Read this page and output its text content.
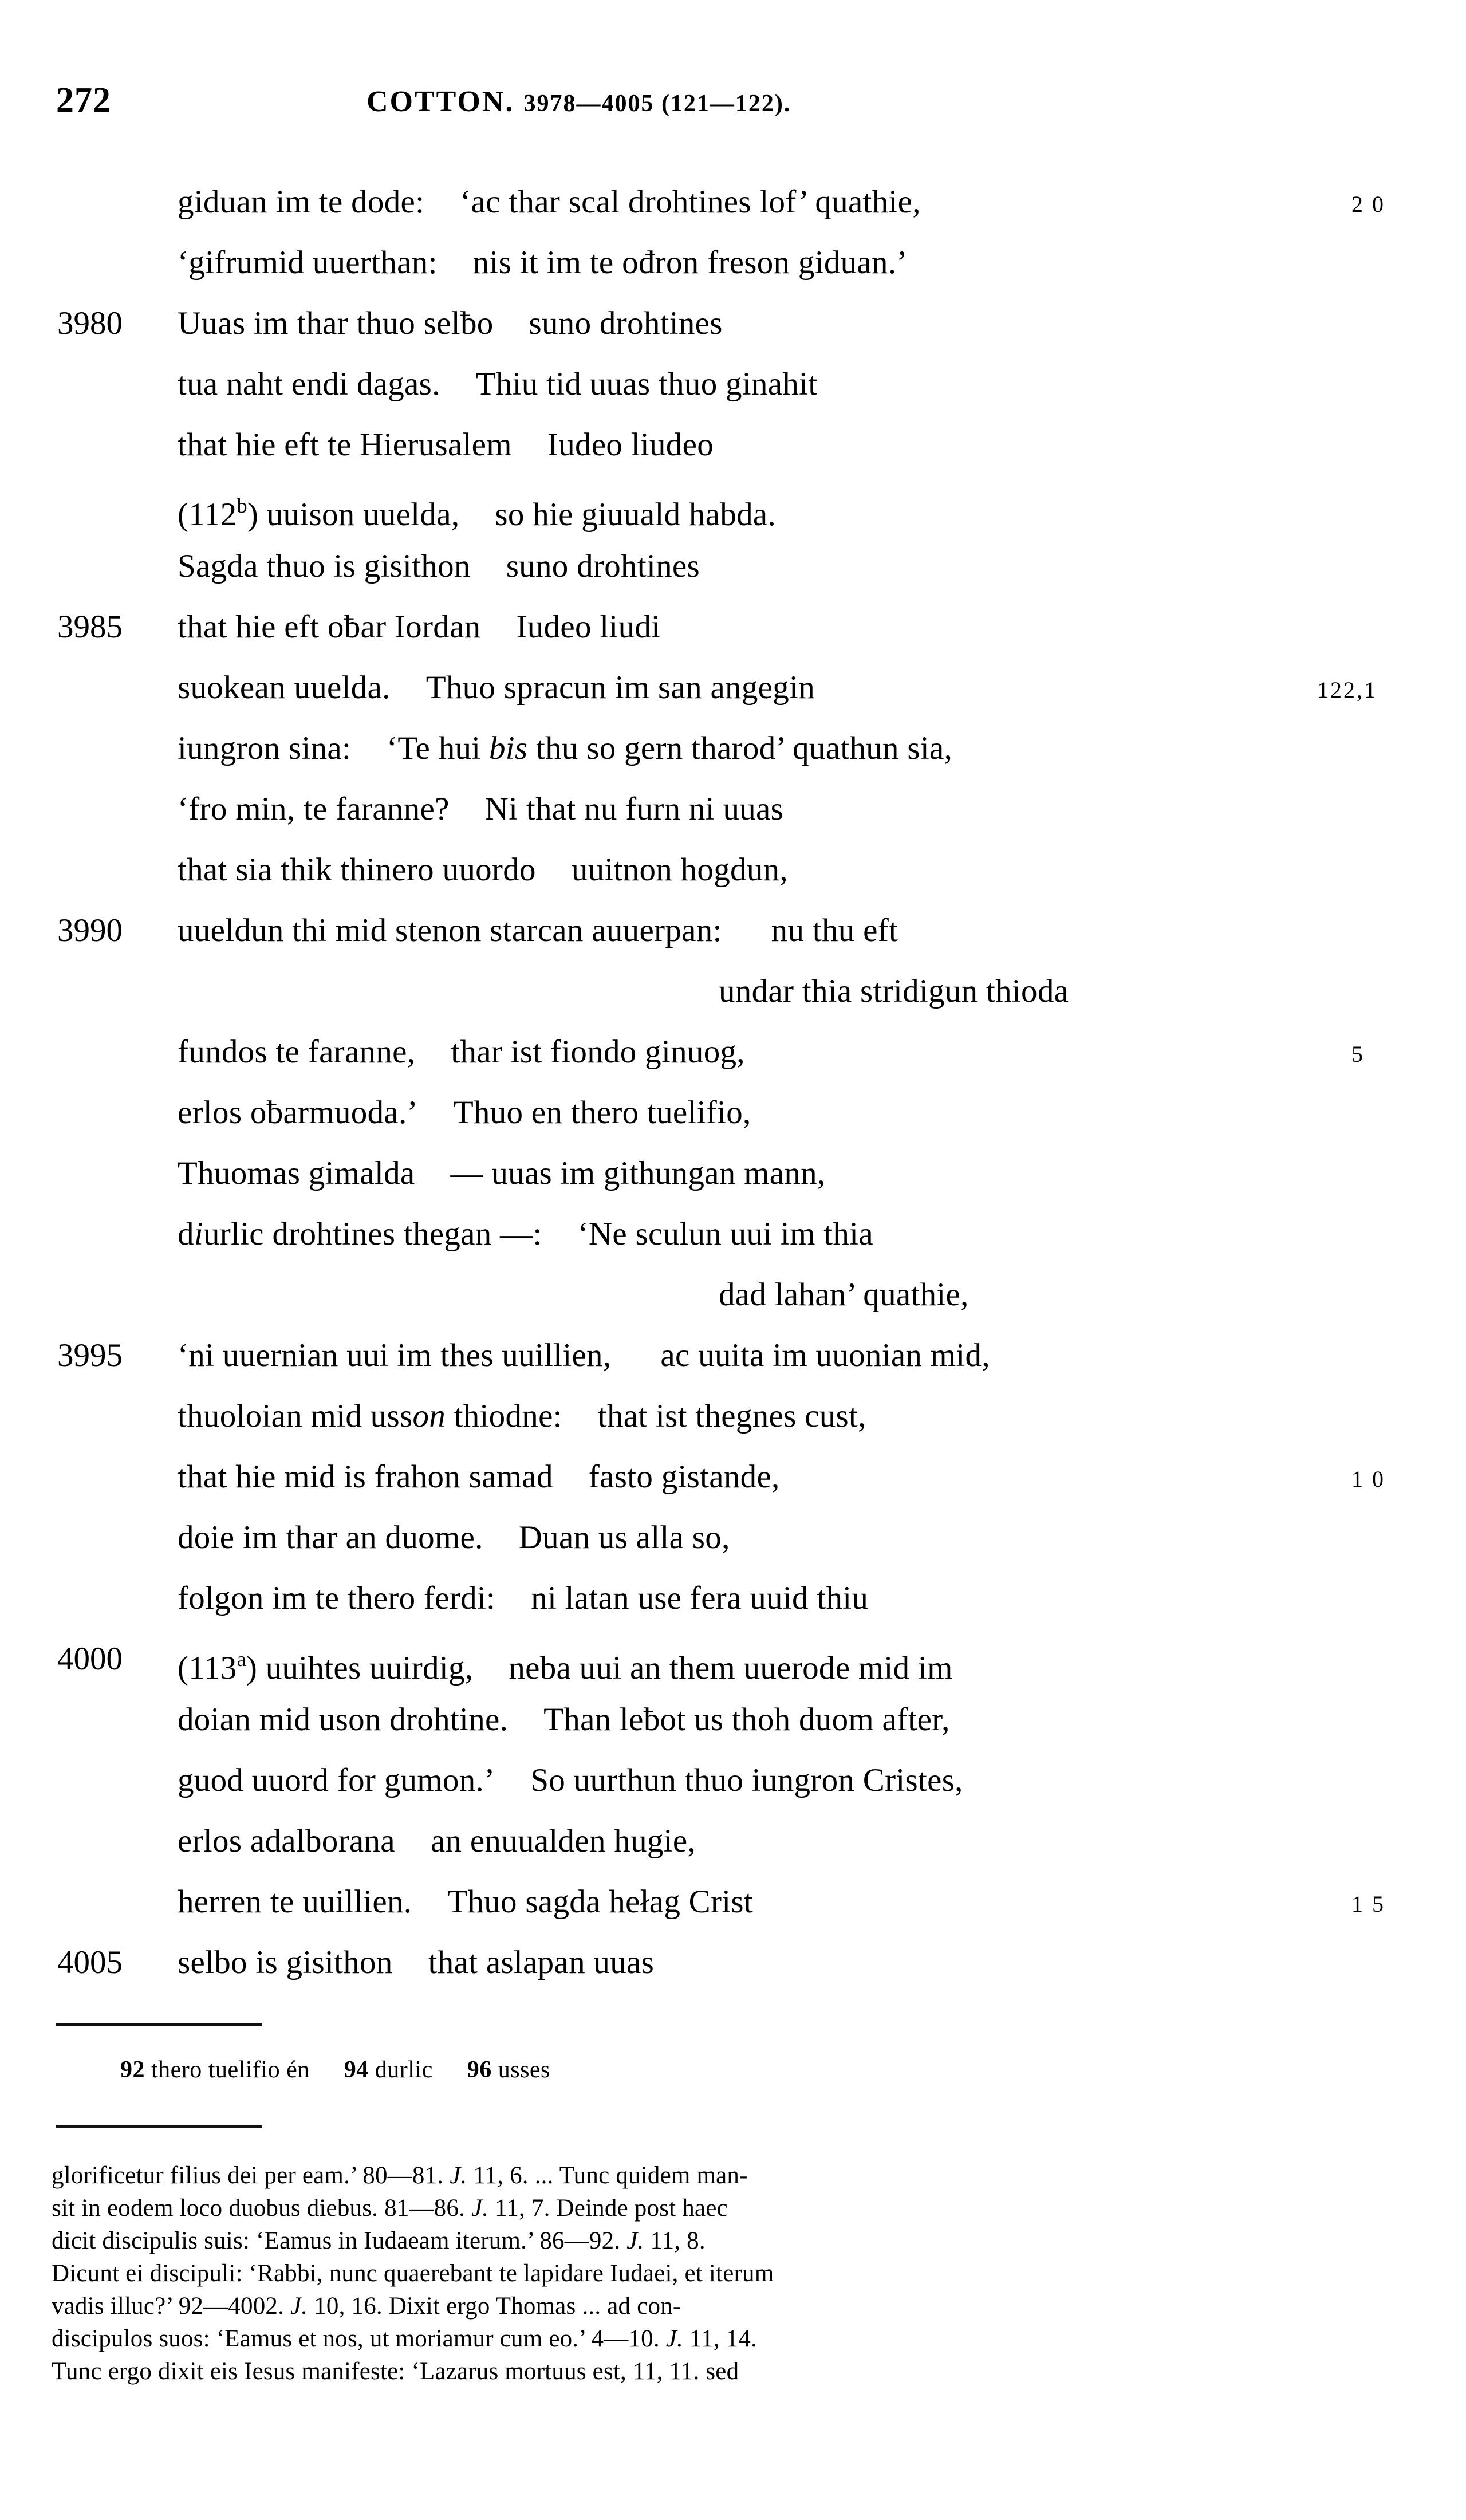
272	COTTON. 3978—4005 (121—122).
giduan im te dode: ‘ac thar scal drohtines lof’ quathie,	2 0
‘gifrumid uuerthan: nis it im te ođron freson giduan.’
3980	Uuas im thar thuo selƀo suno drohtines
tua naht endi dagas. Thiu tid uuas thuo ginahit
that hie eft te Hierusalem Iudeo liudeo
(112$^b$) uuison uuelda, so hie giuuald habda.
Sagda thuo is gisithon suno drohtines
3985	that hie eft oƀar Iordan Iudeo liudi
suokean uuelda. Thuo spracun im san angegin	122,1
iungron sina: ‘Te hui bis thu so gern tharod’ quathun sia,
‘fro min, te faranne? Ni that nu furn ni uuas
that sia thik thinero uuordo uuitnon hogdun,
3990	uueldun thi mid stenon starcan auuerpan: nu thu eft
undar thia stridigun thioda
fundos te faranne, thar ist fiondo ginuog,	5
erlos oƀarmuoda.’ Thuo en thero tuelifio,
Thuomas gimalda — uuas im githungan mann,
diurlic drohtines thegan —: ‘Ne sculun uui im thia
dad lahan’ quathie,
3995	‘ni uuernian uui im thes uuillien, ac uuita im uuonian mid,
thuoloian mid usson thiodne: that ist thegnes cust,
that hie mid is frahon samad fasto gistande,	1 0
doie im thar an duome. Duan us alla so,
folgon im te thero ferdi: ni latan use fera uuid thiu
4000	(113$^a$) uuihtes uuirdig, neba uui an them uuerode mid im
doian mid uson drohtine. Than leƀot us thoh duom after,
guod uuord for gumon.’ So uurthun thuo iungron Cristes,
erlos adalborana an enuualden hugie,
herren te uuillien. Thuo sagda hełag Crist	1 5
4005	selbo is gisithon that aslapan uuas
92 thero tuelifio én 94 durlic 96 usses
glorificetur filius dei per eam.’ 80—81. J. 11, 6. ... Tunc quidem man-
sit in eodem loco duobus diebus. 81—86. J. 11, 7. Deinde post haec
dicit discipulis suis: ‘Eamus in Iudaeam iterum.’ 86—92. J. 11, 8.
Dicunt ei discipuli: ‘Rabbi, nunc quaerebant te lapidare Iudaei, et iterum
vadis illuc?’ 92—4002. J. 10, 16. Dixit ergo Thomas ... ad con-
discipulos suos: ‘Eamus et nos, ut moriamur cum eo.’ 4—10. J. 11, 14.
Tunc ergo dixit eis Iesus manifeste: ‘Lazarus mortuus est, 11, 11. sed
